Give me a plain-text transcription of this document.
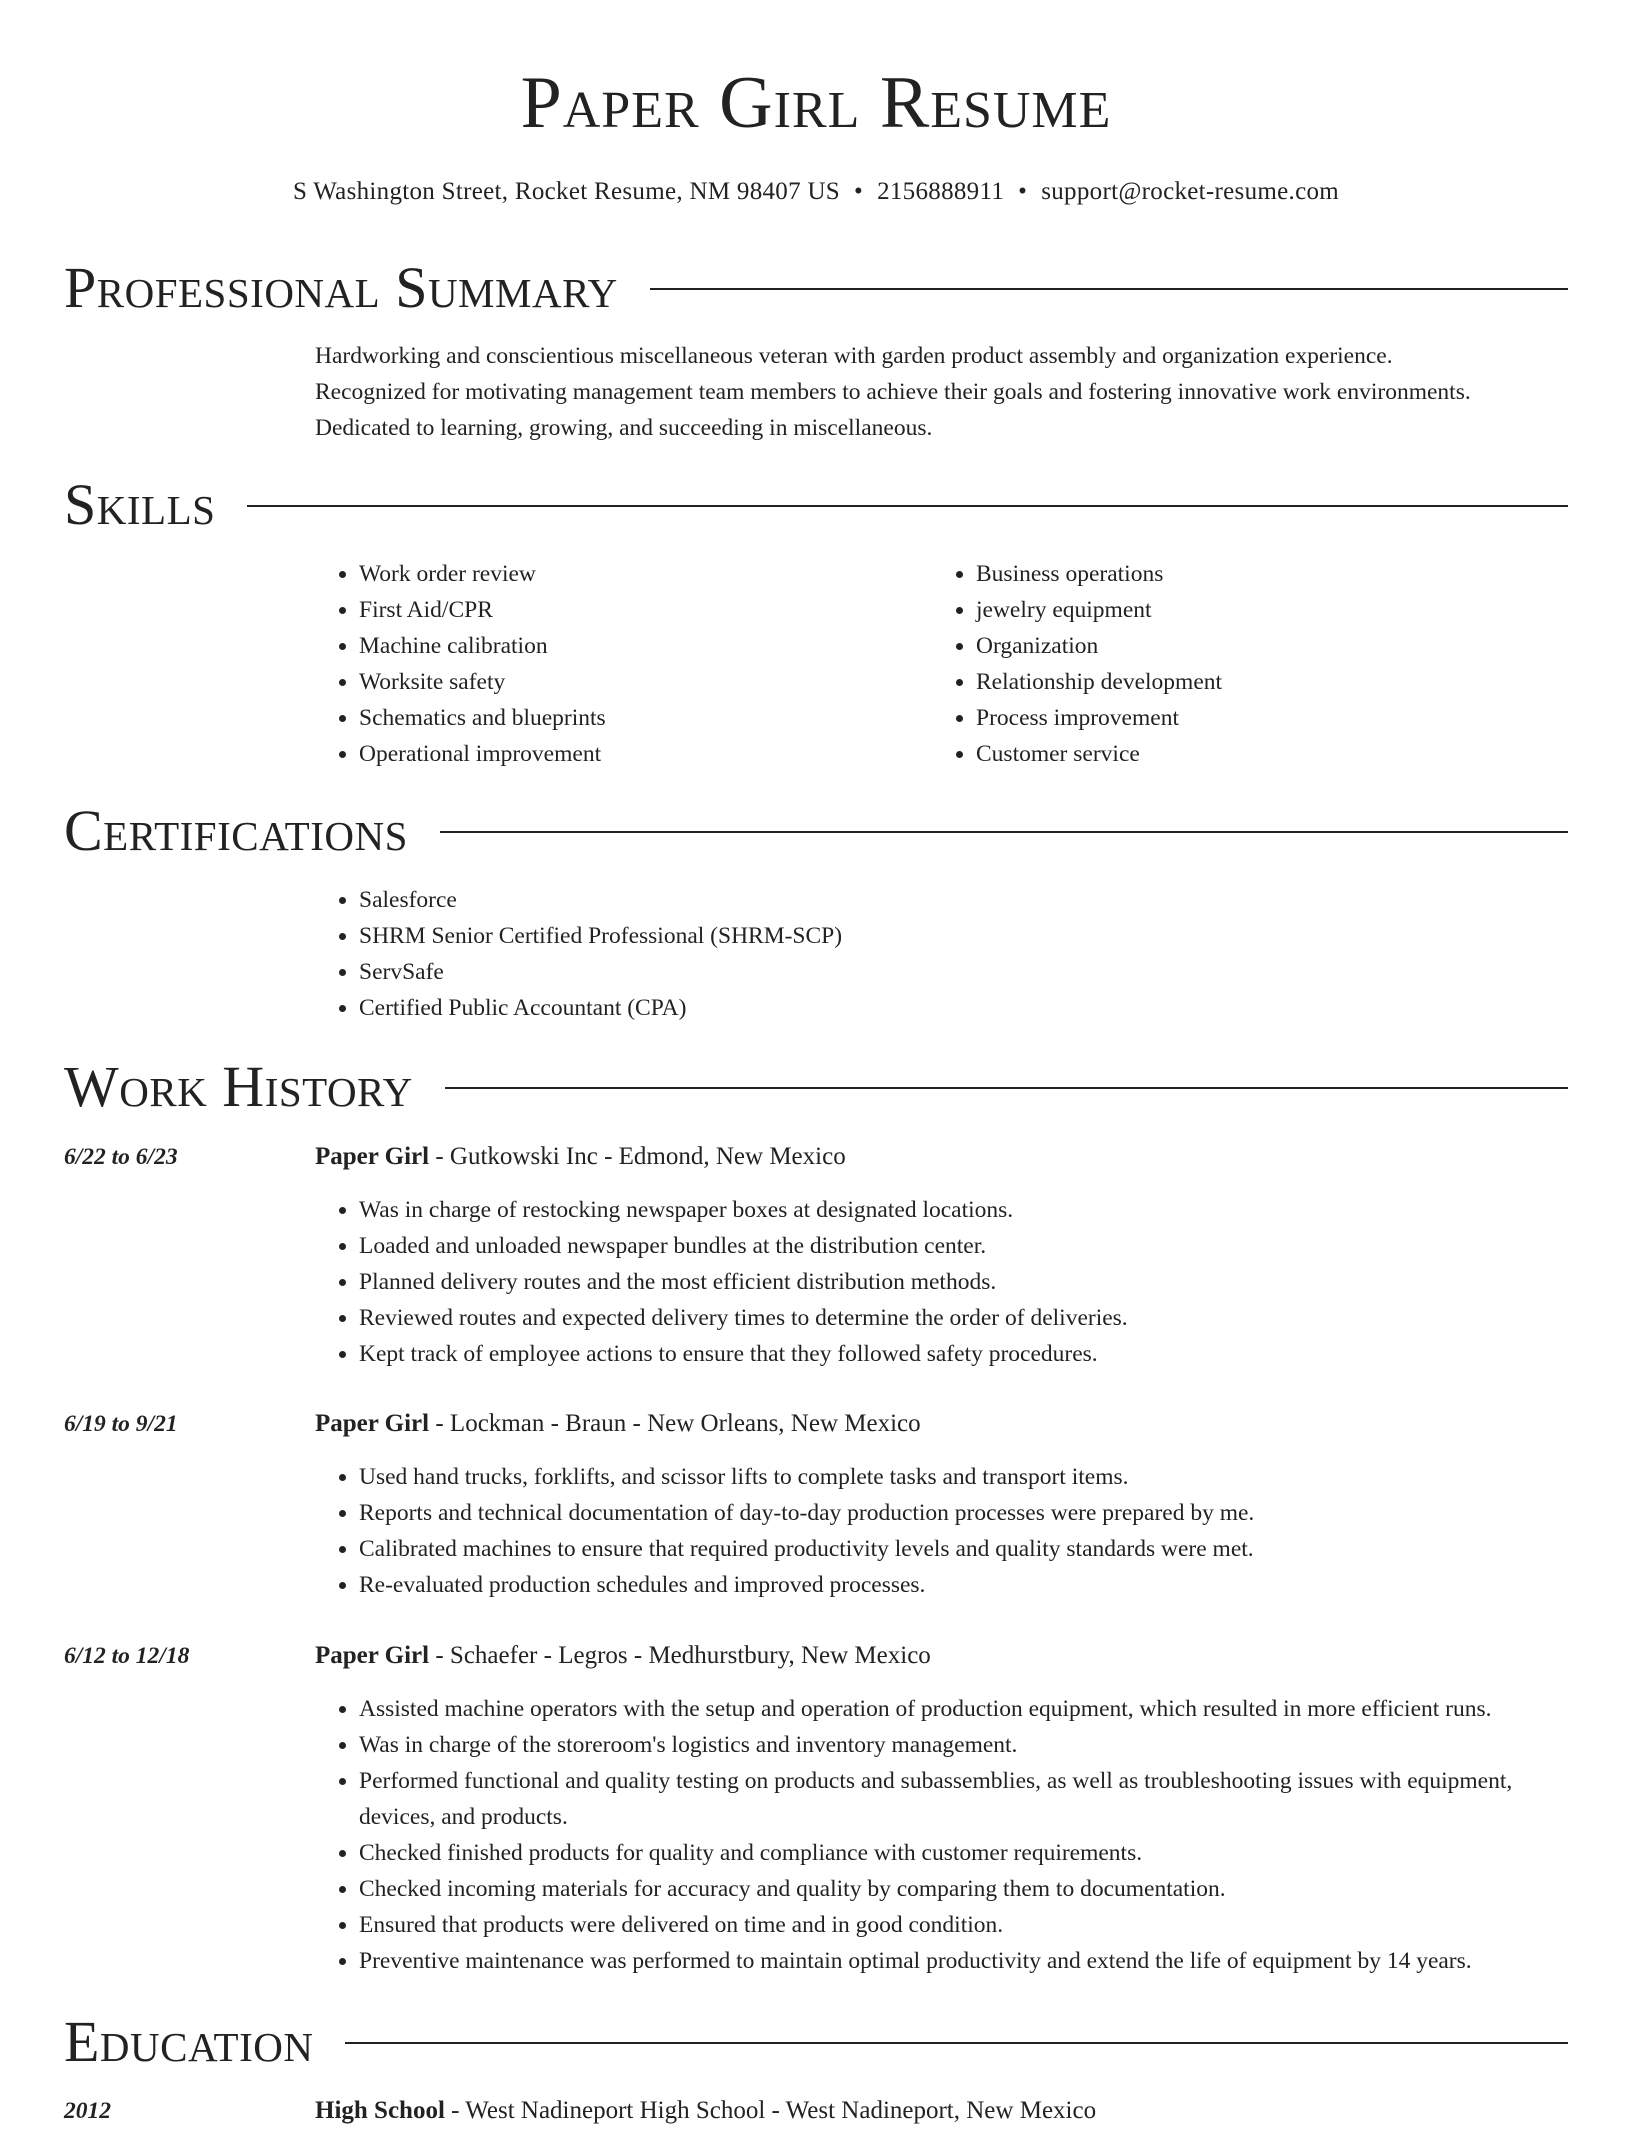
Paper Girl Resume
S Washington Street, Rocket Resume, NM 98407 US • 2156888911 • support@rocket-resume.com
Professional Summary
Hardworking and conscientious miscellaneous veteran with garden product assembly and organization experience.
Recognized for motivating management team members to achieve their goals and fostering innovative work environments.
Dedicated to learning, growing, and succeeding in miscellaneous.
Skills
• Work order review
• First Aid/CPR
• Machine calibration
• Worksite safety
• Schematics and blueprints
• Operational improvement
• Business operations
• jewelry equipment
• Organization
• Relationship development
• Process improvement
• Customer service
Certifications
• Salesforce
• SHRM Senior Certified Professional (SHRM-SCP)
• ServSafe
• Certified Public Accountant (CPA)
Work History
6/22 to 6/23	Paper Girl - Gutkowski Inc - Edmond, New Mexico
• Was in charge of restocking newspaper boxes at designated locations.
• Loaded and unloaded newspaper bundles at the distribution center.
• Planned delivery routes and the most efficient distribution methods.
• Reviewed routes and expected delivery times to determine the order of deliveries.
• Kept track of employee actions to ensure that they followed safety procedures.
6/19 to 9/21	Paper Girl - Lockman - Braun - New Orleans, New Mexico
• Used hand trucks, forklifts, and scissor lifts to complete tasks and transport items.
• Reports and technical documentation of day-to-day production processes were prepared by me.
• Calibrated machines to ensure that required productivity levels and quality standards were met.
• Re-evaluated production schedules and improved processes.
6/12 to 12/18	Paper Girl - Schaefer - Legros - Medhurstbury, New Mexico
• Assisted machine operators with the setup and operation of production equipment, which resulted in more efficient runs.
• Was in charge of the storeroom's logistics and inventory management.
• Performed functional and quality testing on products and subassemblies, as well as troubleshooting issues with equipment, devices, and products.
• Checked finished products for quality and compliance with customer requirements.
• Checked incoming materials for accuracy and quality by comparing them to documentation.
• Ensured that products were delivered on time and in good condition.
• Preventive maintenance was performed to maintain optimal productivity and extend the life of equipment by 14 years.
Education
2012	High School - West Nadineport High School - West Nadineport, New Mexico
